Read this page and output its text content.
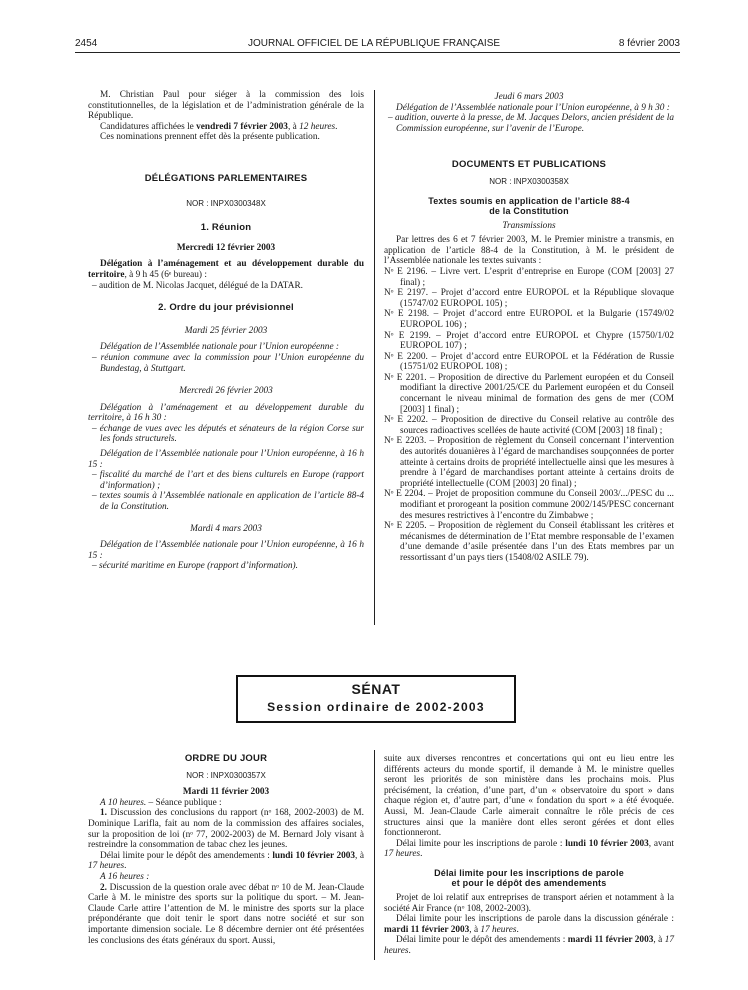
2454	JOURNAL OFFICIEL DE LA RÉPUBLIQUE FRANÇAISE	8 février 2003

M. Christian Paul pour siéger à la commission des lois constitutionnelles, de la législation et de l’administration générale de la République.

Candidatures affichées le vendredi 7 février 2003, à 12 heures.

Ces nominations prennent effet dès la présente publication.

DÉLÉGATIONS PARLEMENTAIRES
NOR : INPX0300348X
1. Réunion

Mercredi 12 février 2003

Délégation à l’aménagement et au développement durable du territoire, à 9 h 45 (6ᵉ bureau) :

– audition de M. Nicolas Jacquet, délégué de la DATAR.

2. Ordre du jour prévisionnel

Mardi 25 février 2003

Délégation de l’Assemblée nationale pour l’Union européenne :

– réunion commune avec la commission pour l’Union européenne du Bundestag, à Stuttgart.

Mercredi 26 février 2003

Délégation à l’aménagement et au développement durable du territoire, à 16 h 30 :

– échange de vues avec les députés et sénateurs de la région Corse sur les fonds structurels.

Délégation de l’Assemblée nationale pour l’Union européenne, à 16 h 15 :

– fiscalité du marché de l’art et des biens culturels en Europe (rapport d’information) ;

– textes soumis à l’Assemblée nationale en application de l’article 88-4 de la Constitution.

Mardi 4 mars 2003

Délégation de l’Assemblée nationale pour l’Union européenne, à 16 h 15 :

– sécurité maritime en Europe (rapport d’information).

Jeudi 6 mars 2003

Délégation de l’Assemblée nationale pour l’Union européenne, à 9 h 30 :

– audition, ouverte à la presse, de M. Jacques Delors, ancien président de la Commission européenne, sur l’avenir de l’Europe.

DOCUMENTS ET PUBLICATIONS
NOR : INPX0300358X
Textes soumis en application de l’article 88-4
de la Constitution

Transmissions

Par lettres des 6 et 7 février 2003, M. le Premier ministre a transmis, en application de l’article 88-4 de la Constitution, à M. le président de l’Assemblée nationale les textes suivants :

Nᵒ E 2196. – Livre vert. L’esprit d’entreprise en Europe (COM [2003] 27 final) ;

Nᵒ E 2197. – Projet d’accord entre EUROPOL et la République slovaque (15747/02 EUROPOL 105) ;

Nᵒ E 2198. – Projet d’accord entre EUROPOL et la Bulgarie (15749/02 EUROPOL 106) ;

Nᵒ E 2199. – Projet d’accord entre EUROPOL et Chypre (15750/1/02 EUROPOL 107) ;

Nᵒ E 2200. – Projet d’accord entre EUROPOL et la Fédération de Russie (15751/02 EUROPOL 108) ;

Nᵒ E 2201. – Proposition de directive du Parlement européen et du Conseil modifiant la directive 2001/25/CE du Parlement européen et du Conseil concernant le niveau minimal de formation des gens de mer (COM [2003] 1 final) ;

Nᵒ E 2202. – Proposition de directive du Conseil relative au contrôle des sources radioactives scellées de haute activité (COM [2003] 18 final) ;

Nᵒ E 2203. – Proposition de règlement du Conseil concernant l’intervention des autorités douanières à l’égard de marchandises soupçonnées de porter atteinte à certains droits de propriété intellectuelle ainsi que les mesures à prendre à l’égard de marchandises portant atteinte à certains droits de propriété intellectuelle (COM [2003] 20 final) ;

Nᵒ E 2204. – Projet de proposition commune du Conseil 2003/.../PESC du ... modifiant et prorogeant la position commune 2002/145/PESC concernant des mesures restrictives à l’encontre du Zimbabwe ;

Nᵒ E 2205. – Proposition de règlement du Conseil établissant les critères et mécanismes de détermination de l’Etat membre responsable de l’examen d’une demande d’asile présentée dans l’un des Etats membres par un ressortissant d’un pays tiers (15408/02 ASILE 79).

SÉNAT
Session ordinaire de 2002-2003
ORDRE DU JOUR
NOR : INPX0300357X

Mardi 11 février 2003

A 10 heures. – Séance publique :

1. Discussion des conclusions du rapport (nᵒ 168, 2002-2003) de M. Dominique Larifla, fait au nom de la commission des affaires sociales, sur la proposition de loi (nᵒ 77, 2002-2003) de M. Bernard Joly visant à restreindre la consommation de tabac chez les jeunes.

Délai limite pour le dépôt des amendements : lundi 10 février 2003, à 17 heures.

A 16 heures :

2. Discussion de la question orale avec débat nᵒ 10 de M. Jean-Claude Carle à M. le ministre des sports sur la politique du sport. – M. Jean-Claude Carle attire l’attention de M. le ministre des sports sur la place prépondérante que doit tenir le sport dans notre société et sur son importante dimension sociale. Le 8 décembre dernier ont été présentées les conclusions des états généraux du sport. Aussi,

suite aux diverses rencontres et concertations qui ont eu lieu entre les différents acteurs du monde sportif, il demande à M. le ministre quelles seront les priorités de son ministère dans les prochains mois. Plus précisément, la création, d’une part, d’un « observatoire du sport » dans chaque région et, d’autre part, d’une « fondation du sport » a été évoquée. Aussi, M. Jean-Claude Carle aimerait connaître le rôle précis de ces structures ainsi que la manière dont elles seront gérées et dont elles fonctionneront.

Délai limite pour les inscriptions de parole : lundi 10 février 2003, avant 17 heures.

Délai limite pour les inscriptions de parole
et pour le dépôt des amendements

Projet de loi relatif aux entreprises de transport aérien et notamment à la société Air France (nᵒ 108, 2002-2003).

Délai limite pour les inscriptions de parole dans la discussion générale : mardi 11 février 2003, à 17 heures.

Délai limite pour le dépôt des amendements : mardi 11 février 2003, à 17 heures.
